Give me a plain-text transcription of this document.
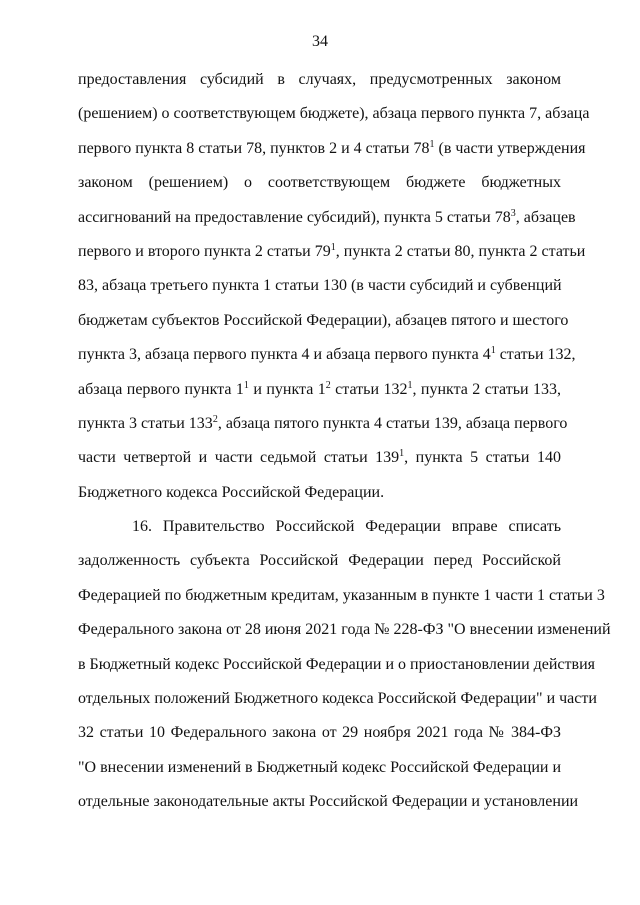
34
предоставления субсидий в случаях, предусмотренных законом
(решением) о соответствующем бюджете), абзаца первого пункта 7, абзаца
первого пункта 8 статьи 78, пунктов 2 и 4 статьи $78^1$ (в части утверждения
законом (решением) о соответствующем бюджете бюджетных
ассигнований на предоставление субсидий), пункта 5 статьи $78^3$, абзацев
первого и второго пункта 2 статьи $79^1$, пункта 2 статьи 80, пункта 2 статьи
83, абзаца третьего пункта 1 статьи 130 (в части субсидий и субвенций
бюджетам субъектов Российской Федерации), абзацев пятого и шестого
пункта 3, абзаца первого пункта 4 и абзаца первого пункта $4^1$ статьи 132,
абзаца первого пункта $1^1$ и пункта $1^2$ статьи $132^1$, пункта 2 статьи 133,
пункта 3 статьи $133^2$, абзаца пятого пункта 4 статьи 139, абзаца первого
части четвертой и части седьмой статьи $139^1$, пункта 5 статьи 140
Бюджетного кодекса Российской Федерации.
16. Правительство Российской Федерации вправе списать
задолженность субъекта Российской Федерации перед Российской
Федерацией по бюджетным кредитам, указанным в пункте 1 части 1 статьи 3
Федерального закона от 28 июня 2021 года № 228-ФЗ "О внесении изменений
в Бюджетный кодекс Российской Федерации и о приостановлении действия
отдельных положений Бюджетного кодекса Российской Федерации" и части
32 статьи 10 Федерального закона от 29 ноября 2021 года № 384-ФЗ
"О внесении изменений в Бюджетный кодекс Российской Федерации и
отдельные законодательные акты Российской Федерации и установлении
